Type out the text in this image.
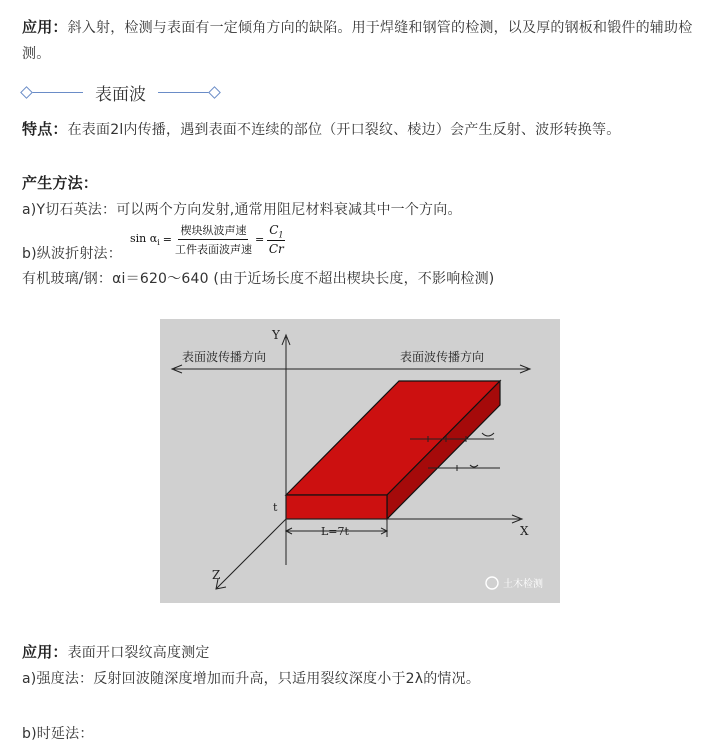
应用：斜入射，检测与表面有一定倾角方向的缺陷。用于焊缝和钢管的检测，以及厚的钢板和锻件的辅助检测。
表面波
特点：在表面2l内传播，遇到表面不连续的部位（开口裂纹、棱边）会产生反射、波形转换等。
产生方法：
a)Y切石英法：可以两个方向发射,通常用阻尼材料衰减其中一个方向。
b)纵波折射法：
$\sin \alpha_i = \frac{\text{楔块纵波声速}}{\text{工件表面波声速}} = \frac{C_1}{Cr}$
有机玻璃/钢：αi＝620～640 (由于近场长度不超出楔块长度，不影响检测)
Y
X
Z
表面波传播方向	表面波传播方向
t
L=7t
土木检测
应用：表面开口裂纹高度测定
a)强度法：反射回波随深度增加而升高，只适用裂纹深度小于2λ的情况。
b)时延法：
